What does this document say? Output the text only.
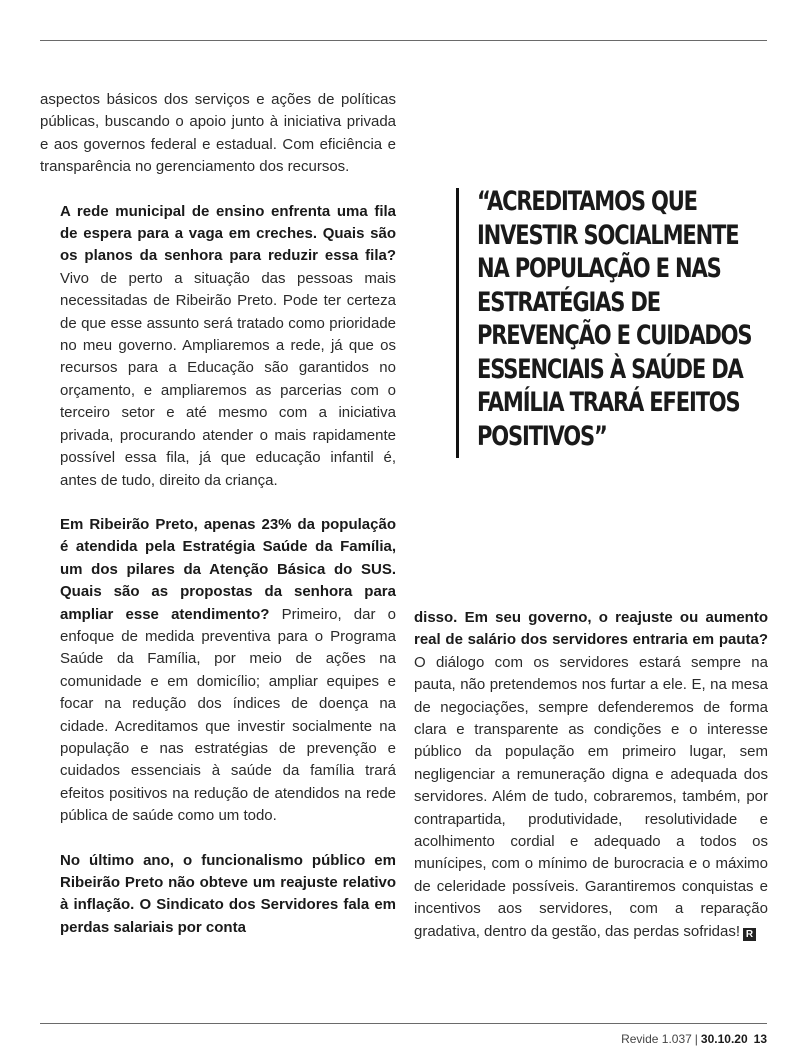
aspectos básicos dos serviços e ações de políticas públicas, buscando o apoio junto à iniciativa privada e aos governos federal e estadual. Com eficiência e transparência no gerenciamento dos recursos.

A rede municipal de ensino enfrenta uma fila de espera para a vaga em creches. Quais são os planos da senhora para reduzir essa fila? Vivo de perto a situação das pessoas mais necessitadas de Ribeirão Preto. Pode ter certeza de que esse assunto será tratado como prioridade no meu governo. Ampliaremos a rede, já que os recursos para a Educação são garantidos no orçamento, e ampliaremos as parcerias com o terceiro setor e até mesmo com a iniciativa privada, procurando atender o mais rapidamente possível essa fila, já que educação infantil é, antes de tudo, direito da criança.

Em Ribeirão Preto, apenas 23% da população é atendida pela Estratégia Saúde da Família, um dos pilares da Atenção Básica do SUS. Quais são as propostas da senhora para ampliar esse atendimento? Primeiro, dar o enfoque de medida preventiva para o Programa Saúde da Família, por meio de ações na comunidade e em domicílio; ampliar equipes e focar na redução dos índices de doença na cidade. Acreditamos que investir socialmente na população e nas estratégias de prevenção e cuidados essenciais à saúde da família trará efeitos positivos na redução de atendidos na rede pública de saúde como um todo.

No último ano, o funcionalismo público em Ribeirão Preto não obteve um reajuste relativo à inflação. O Sindicato dos Servidores fala em perdas salariais por conta

“ACREDITAMOS QUE INVESTIR SOCIALMENTE NA POPULAÇÃO E NAS ESTRATÉGIAS DE PREVENÇÃO E CUIDADOS ESSENCIAIS À SAÚDE DA FAMÍLIA TRARÁ EFEITOS POSITIVOS”

disso. Em seu governo, o reajuste ou aumento real de salário dos servidores entraria em pauta? O diálogo com os servidores estará sempre na pauta, não pretendemos nos furtar a ele. E, na mesa de negociações, sempre defenderemos de forma clara e transparente as condições e o interesse público da população em primeiro lugar, sem negligenciar a remuneração digna e adequada dos servidores. Além de tudo, cobraremos, também, por contrapartida, produtividade, resolutividade e acolhimento cordial e adequado a todos os munícipes, com o mínimo de burocracia e o máximo de celeridade possíveis. Garantiremos conquistas e incentivos aos servidores, com a reparação gradativa, dentro da gestão, das perdas sofridas! R

Revide 1.037 | 30.10.20 13
